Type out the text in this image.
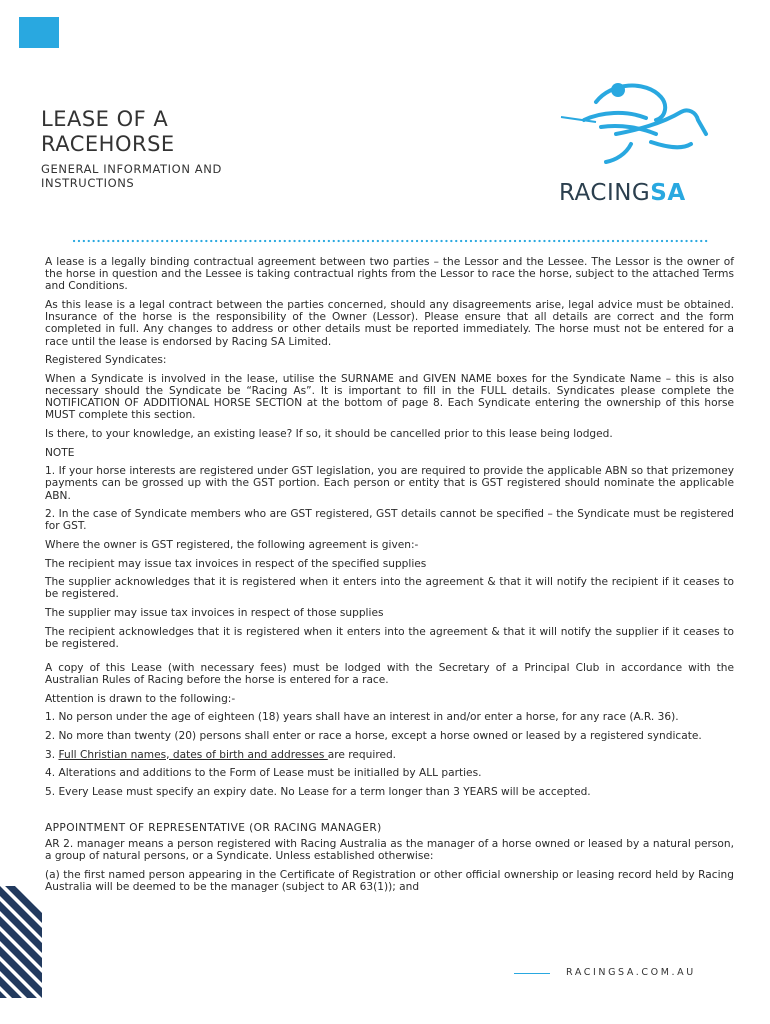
LEASE OF A
RACEHORSE

GENERAL INFORMATION AND INSTRUCTIONS	RACINGSA

A lease is a legally binding contractual agreement between two parties – the Lessor and the Lessee. The Lessor is the owner of the horse in question and the Lessee is taking contractual rights from the Lessor to race the horse, subject to the attached Terms and Conditions.

As this lease is a legal contract between the parties concerned, should any disagreements arise, legal advice must be obtained. Insurance of the horse is the responsibility of the Owner (Lessor). Please ensure that all details are correct and the form completed in full. Any changes to address or other details must be reported immediately. The horse must not be entered for a race until the lease is endorsed by Racing SA Limited.

Registered Syndicates:

When a Syndicate is involved in the lease, utilise the SURNAME and GIVEN NAME boxes for the Syndicate Name – this is also necessary should the Syndicate be “Racing As”. It is important to fill in the FULL details. Syndicates please complete the NOTIFICATION OF ADDITIONAL HORSE SECTION at the bottom of page 8. Each Syndicate entering the ownership of this horse MUST complete this section.

Is there, to your knowledge, an existing lease? If so, it should be cancelled prior to this lease being lodged.

NOTE

1. If your horse interests are registered under GST legislation, you are required to provide the applicable ABN so that prizemoney payments can be grossed up with the GST portion. Each person or entity that is GST registered should nominate the applicable ABN.

2. In the case of Syndicate members who are GST registered, GST details cannot be specified – the Syndicate must be registered for GST.

Where the owner is GST registered, the following agreement is given:-

The recipient may issue tax invoices in respect of the specified supplies

The supplier acknowledges that it is registered when it enters into the agreement & that it will notify the recipient if it ceases to be registered.

The supplier may issue tax invoices in respect of those supplies

The recipient acknowledges that it is registered when it enters into the agreement & that it will notify the supplier if it ceases to be registered.

A copy of this Lease (with necessary fees) must be lodged with the Secretary of a Principal Club in accordance with the Australian Rules of Racing before the horse is entered for a race.

Attention is drawn to the following:-

1. No person under the age of eighteen (18) years shall have an interest in and/or enter a horse, for any race (A.R. 36).

2. No more than twenty (20) persons shall enter or race a horse, except a horse owned or leased by a registered syndicate.

3. Full Christian names, dates of birth and addresses are required.

4. Alterations and additions to the Form of Lease must be initialled by ALL parties.

5. Every Lease must specify an expiry date. No Lease for a term longer than 3 YEARS will be accepted.

APPOINTMENT OF REPRESENTATIVE (OR RACING MANAGER)

AR 2. manager means a person registered with Racing Australia as the manager of a horse owned or leased by a natural person, a group of natural persons, or a Syndicate. Unless established otherwise:

(a) the first named person appearing in the Certificate of Registration or other official ownership or leasing record held by Racing Australia will be deemed to be the manager (subject to AR 63(1)); and

RACINGSA.COM.AU
